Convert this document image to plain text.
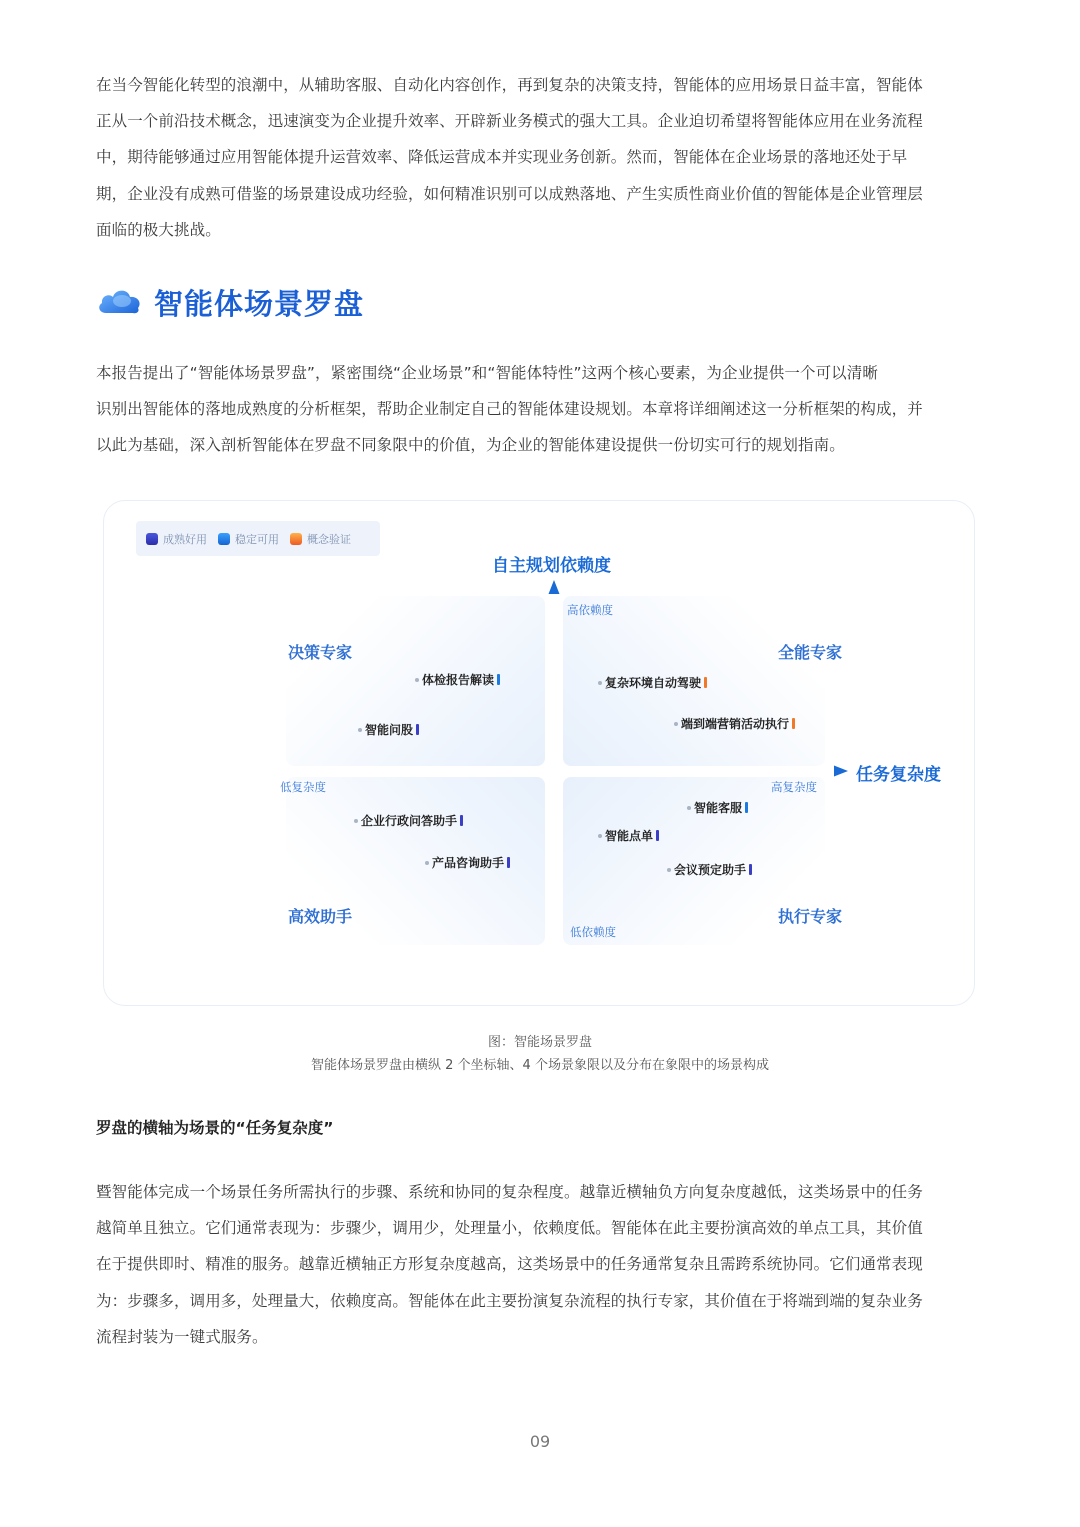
在当今智能化转型的浪潮中，从辅助客服、自动化内容创作，再到复杂的决策支持，智能体的应用场景日益丰富，智能体
正从一个前沿技术概念，迅速演变为企业提升效率、开辟新业务模式的强大工具。企业迫切希望将智能体应用在业务流程
中，期待能够通过应用智能体提升运营效率、降低运营成本并实现业务创新。然而，智能体在企业场景的落地还处于早
期，企业没有成熟可借鉴的场景建设成功经验，如何精准识别可以成熟落地、产生实质性商业价值的智能体是企业管理层
面临的极大挑战。
智能体场景罗盘
本报告提出了“智能体场景罗盘”，紧密围绕“企业场景”和“智能体特性”这两个核心要素，为企业提供一个可以清晰
识别出智能体的落地成熟度的分析框架，帮助企业制定自己的智能体建设规划。本章将详细阐述这一分析框架的构成，并
以此为基础，深入剖析智能体在罗盘不同象限中的价值，为企业的智能体建设提供一份切实可行的规划指南。
成熟好用	稳定可用	概念验证
自主规划依赖度
高依赖度
低依赖度
任务复杂度
高复杂度
低复杂度
决策专家	全能专家
高效助手	执行专家
体检报告解读
智能问股
复杂环境自动驾驶
端到端营销活动执行
企业行政问答助手
产品咨询助手
智能客服
智能点单
会议预定助手
图：智能场景罗盘
智能体场景罗盘由横纵 2 个坐标轴、4 个场景象限以及分布在象限中的场景构成
罗盘的横轴为场景的“任务复杂度”
暨智能体完成一个场景任务所需执行的步骤、系统和协同的复杂程度。越靠近横轴负方向复杂度越低，这类场景中的任务
越简单且独立。它们通常表现为：步骤少，调用少，处理量小，依赖度低。智能体在此主要扮演高效的单点工具，其价值
在于提供即时、精准的服务。越靠近横轴正方形复杂度越高，这类场景中的任务通常复杂且需跨系统协同。它们通常表现
为：步骤多，调用多，处理量大，依赖度高。智能体在此主要扮演复杂流程的执行专家，其价值在于将端到端的复杂业务
流程封装为一键式服务。
09
